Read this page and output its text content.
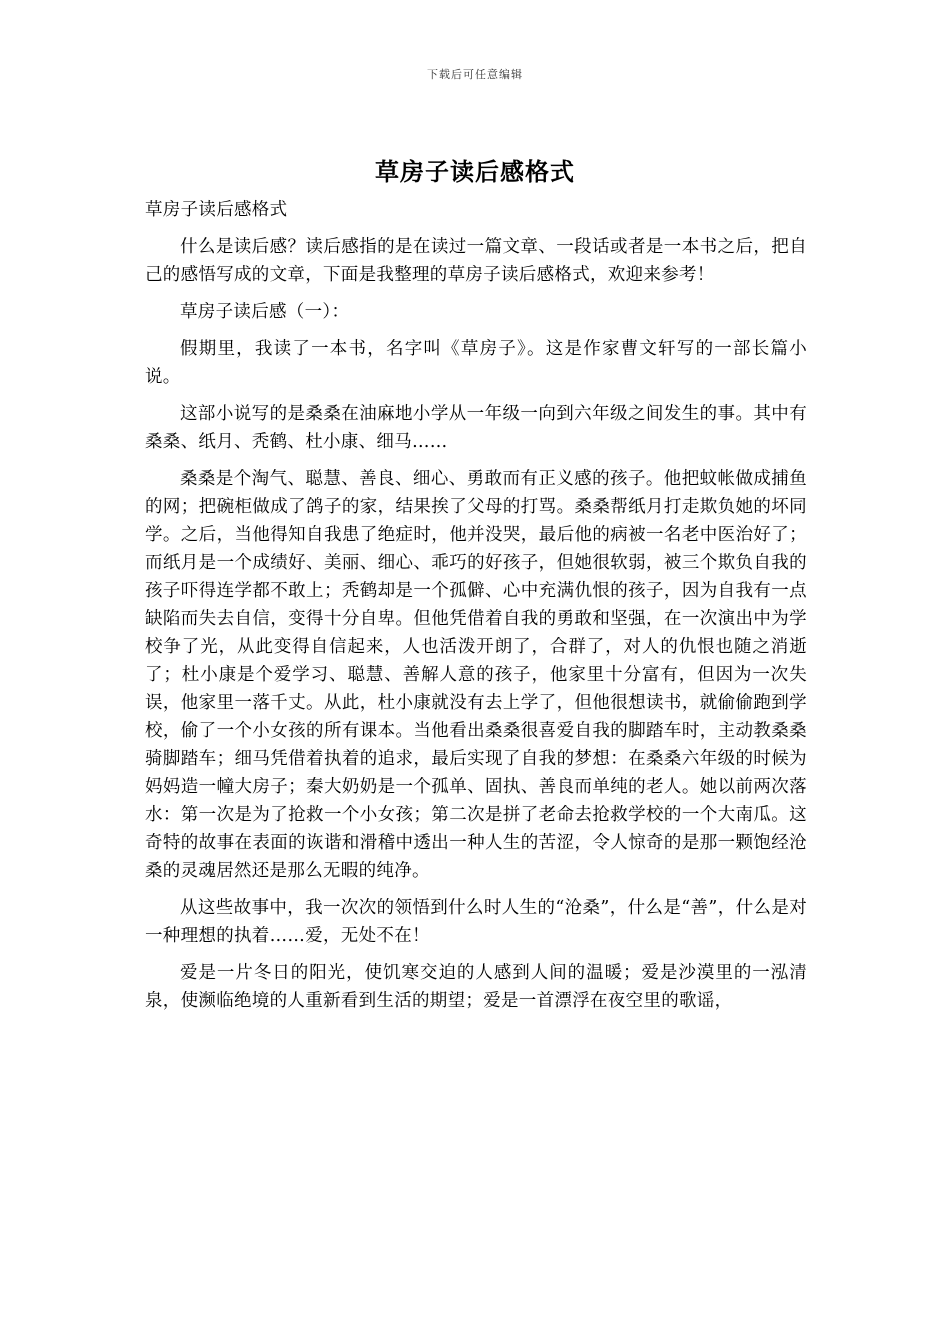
下载后可任意编辑
草房子读后感格式

草房子读后感格式

什么是读后感？读后感指的是在读过一篇文章、一段话或者是一本书之后，把自己的感悟写成的文章，下面是我整理的草房子读后感格式，欢迎来参考！

草房子读后感（一）：

假期里，我读了一本书，名字叫《草房子》。这是作家曹文轩写的一部长篇小说。

这部小说写的是桑桑在油麻地小学从一年级一向到六年级之间发生的事。其中有桑桑、纸月、秃鹤、杜小康、细马……

桑桑是个淘气、聪慧、善良、细心、勇敢而有正义感的孩子。他把蚊帐做成捕鱼的网；把碗柜做成了鸽子的家，结果挨了父母的打骂。桑桑帮纸月打走欺负她的坏同学。之后，当他得知自我患了绝症时，他并没哭，最后他的病被一名老中医治好了；而纸月是一个成绩好、美丽、细心、乖巧的好孩子，但她很软弱，被三个欺负自我的孩子吓得连学都不敢上；秃鹤却是一个孤僻、心中充满仇恨的孩子，因为自我有一点缺陷而失去自信，变得十分自卑。但他凭借着自我的勇敢和坚强，在一次演出中为学校争了光，从此变得自信起来，人也活泼开朗了，合群了，对人的仇恨也随之消逝了；杜小康是个爱学习、聪慧、善解人意的孩子，他家里十分富有，但因为一次失误，他家里一落千丈。从此，杜小康就没有去上学了，但他很想读书，就偷偷跑到学校，偷了一个小女孩的所有课本。当他看出桑桑很喜爱自我的脚踏车时，主动教桑桑骑脚踏车；细马凭借着执着的追求，最后实现了自我的梦想：在桑桑六年级的时候为妈妈造一幢大房子；秦大奶奶是一个孤单、固执、善良而单纯的老人。她以前两次落水：第一次是为了抢救一个小女孩；第二次是拼了老命去抢救学校的一个大南瓜。这奇特的故事在表面的诙谐和滑稽中透出一种人生的苦涩，令人惊奇的是那一颗饱经沧桑的灵魂居然还是那么无暇的纯净。

从这些故事中，我一次次的领悟到什么时人生的“沧桑”，什么是“善”，什么是对一种理想的执着……爱，无处不在！

爱是一片冬日的阳光，使饥寒交迫的人感到人间的温暖；爱是沙漠里的一泓清泉，使濒临绝境的人重新看到生活的期望；爱是一首漂浮在夜空里的歌谣，
